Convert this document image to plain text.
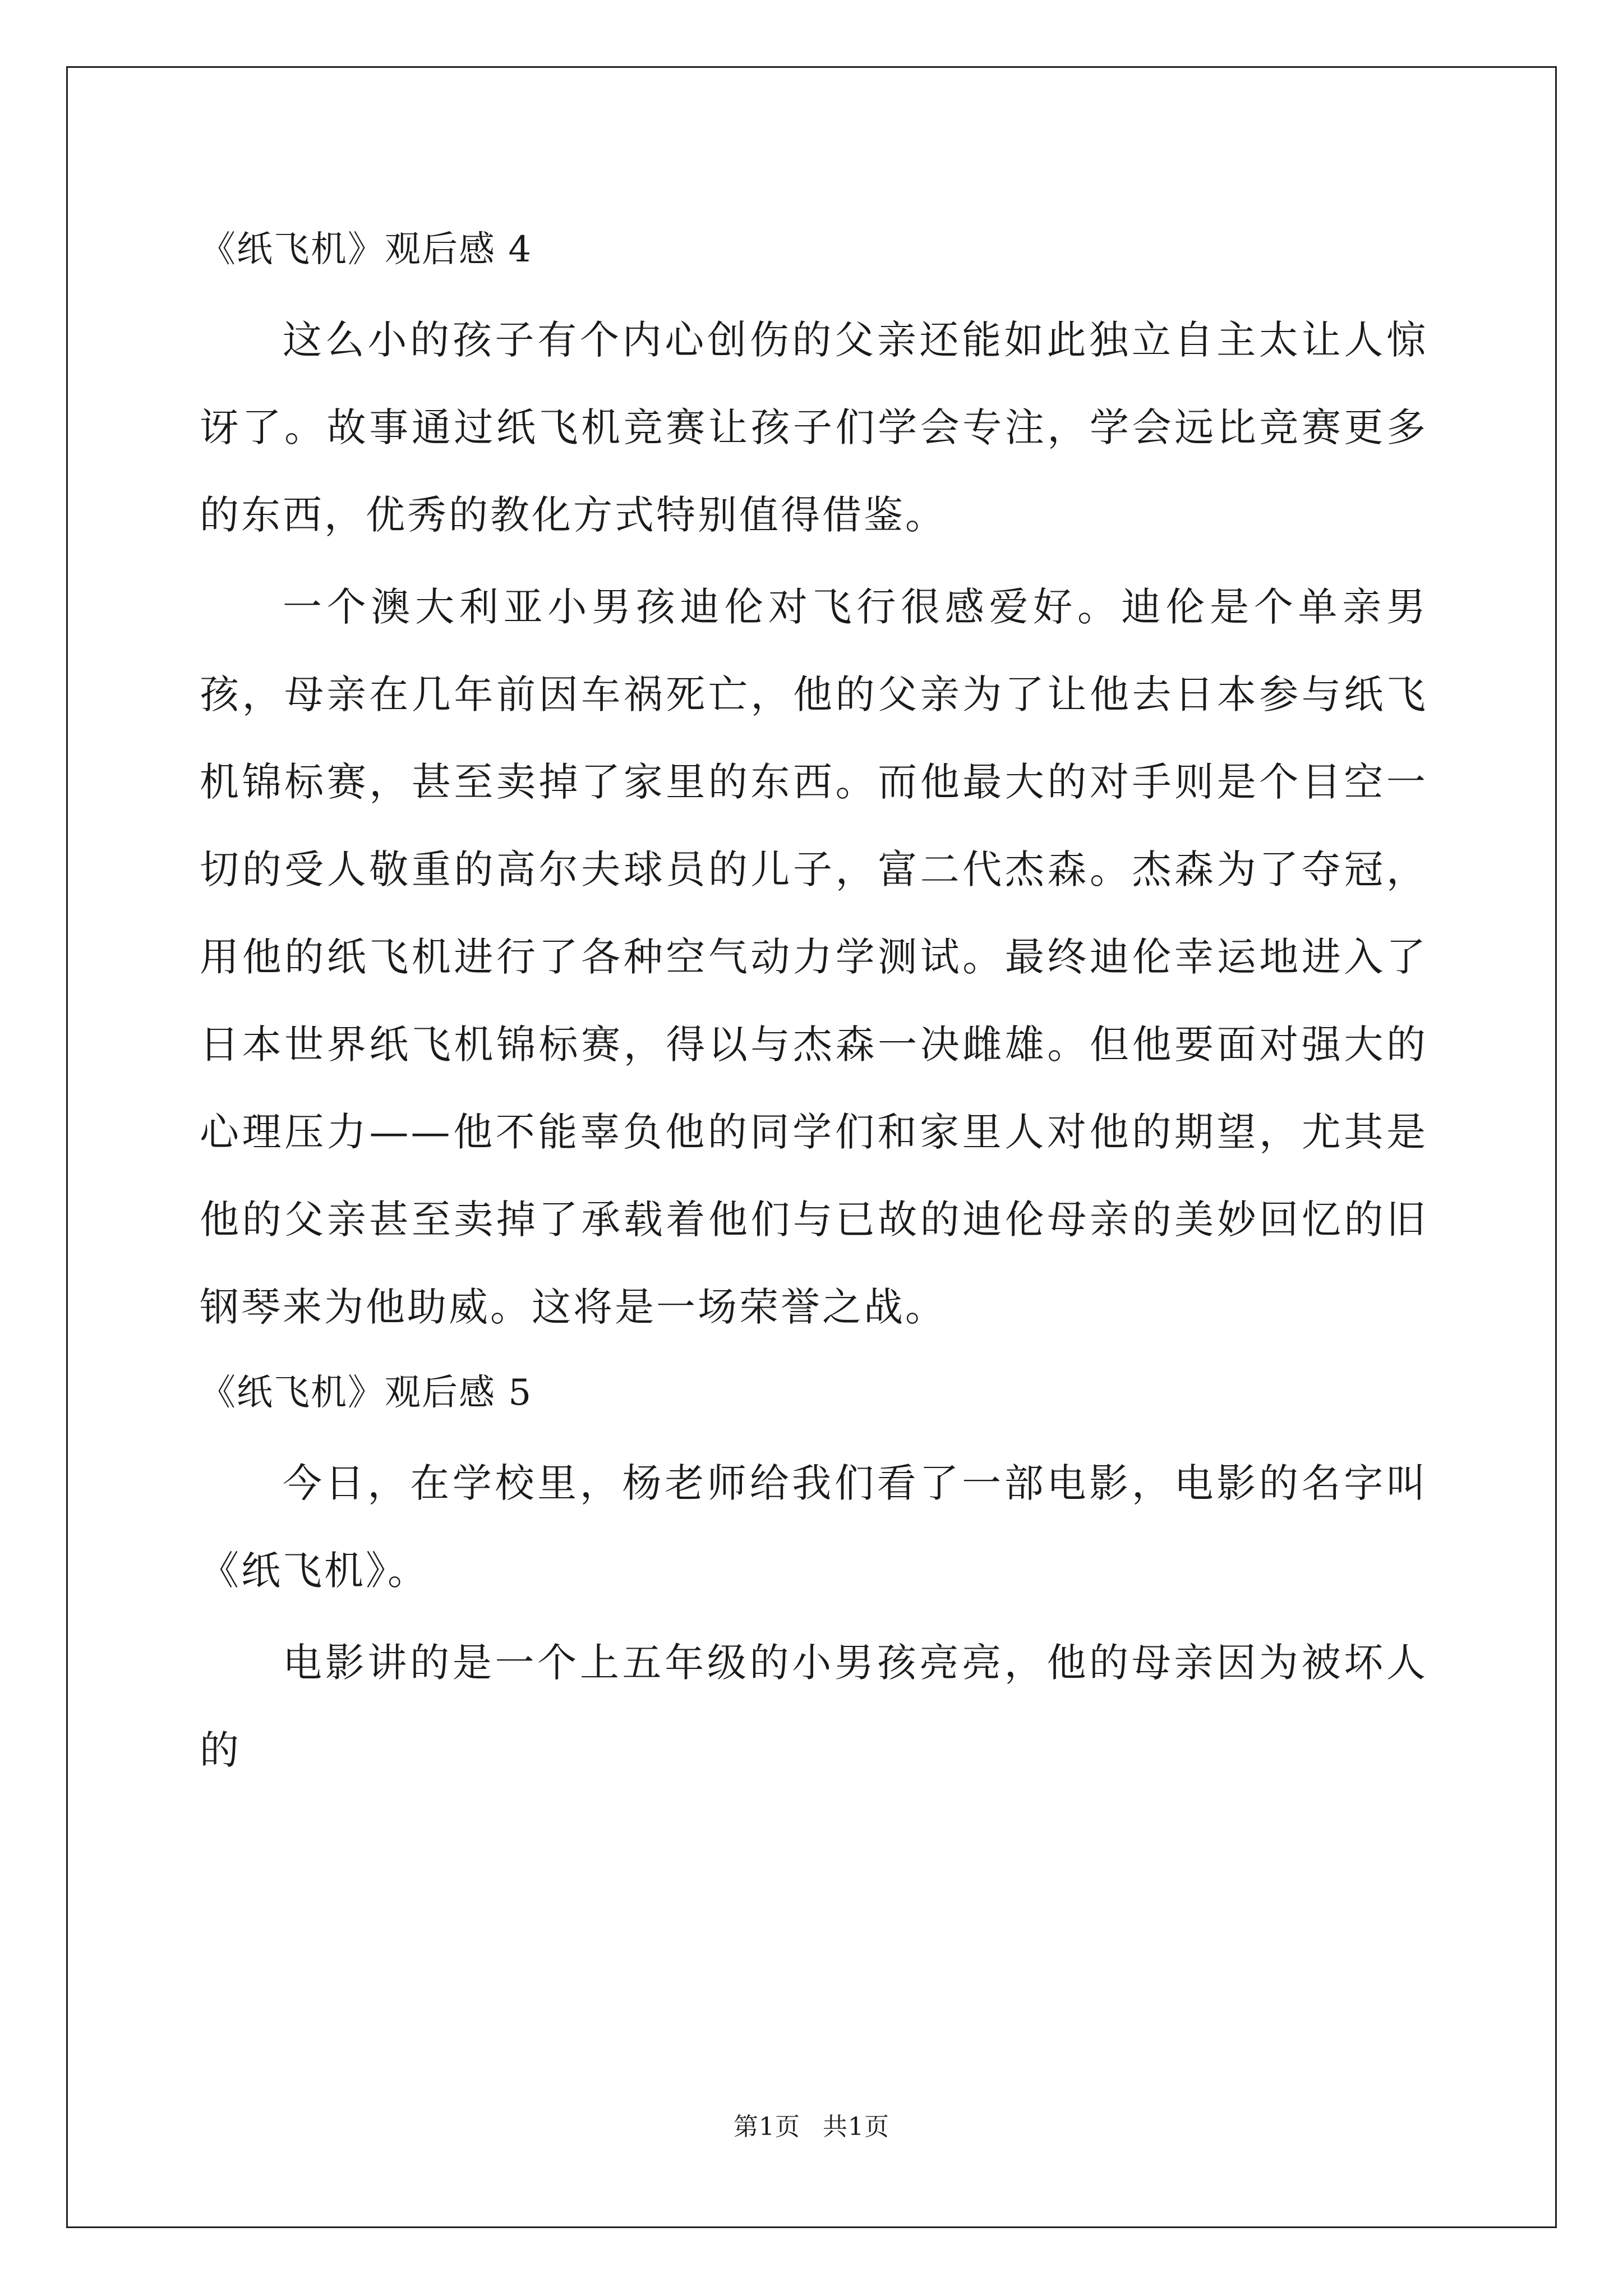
《纸飞机》观后感 4

这么小的孩子有个内心创伤的父亲还能如此独立自主太让人惊讶了。故事通过纸飞机竞赛让孩子们学会专注，学会远比竞赛更多的东西，优秀的教化方式特别值得借鉴。

一个澳大利亚小男孩迪伦对飞行很感爱好。迪伦是个单亲男孩，母亲在几年前因车祸死亡，他的父亲为了让他去日本参与纸飞机锦标赛，甚至卖掉了家里的东西。而他最大的对手则是个目空一切的受人敬重的高尔夫球员的儿子，富二代杰森。杰森为了夺冠，用他的纸飞机进行了各种空气动力学测试。最终迪伦幸运地进入了日本世界纸飞机锦标赛，得以与杰森一决雌雄。但他要面对强大的心理压力——他不能辜负他的同学们和家里人对他的期望，尤其是他的父亲甚至卖掉了承载着他们与已故的迪伦母亲的美妙回忆的旧钢琴来为他助威。这将是一场荣誉之战。

《纸飞机》观后感 5

今日，在学校里，杨老师给我们看了一部电影，电影的名字叫《纸飞机》。

电影讲的是一个上五年级的小男孩亮亮，他的母亲因为被坏人的

第1页 共1页
